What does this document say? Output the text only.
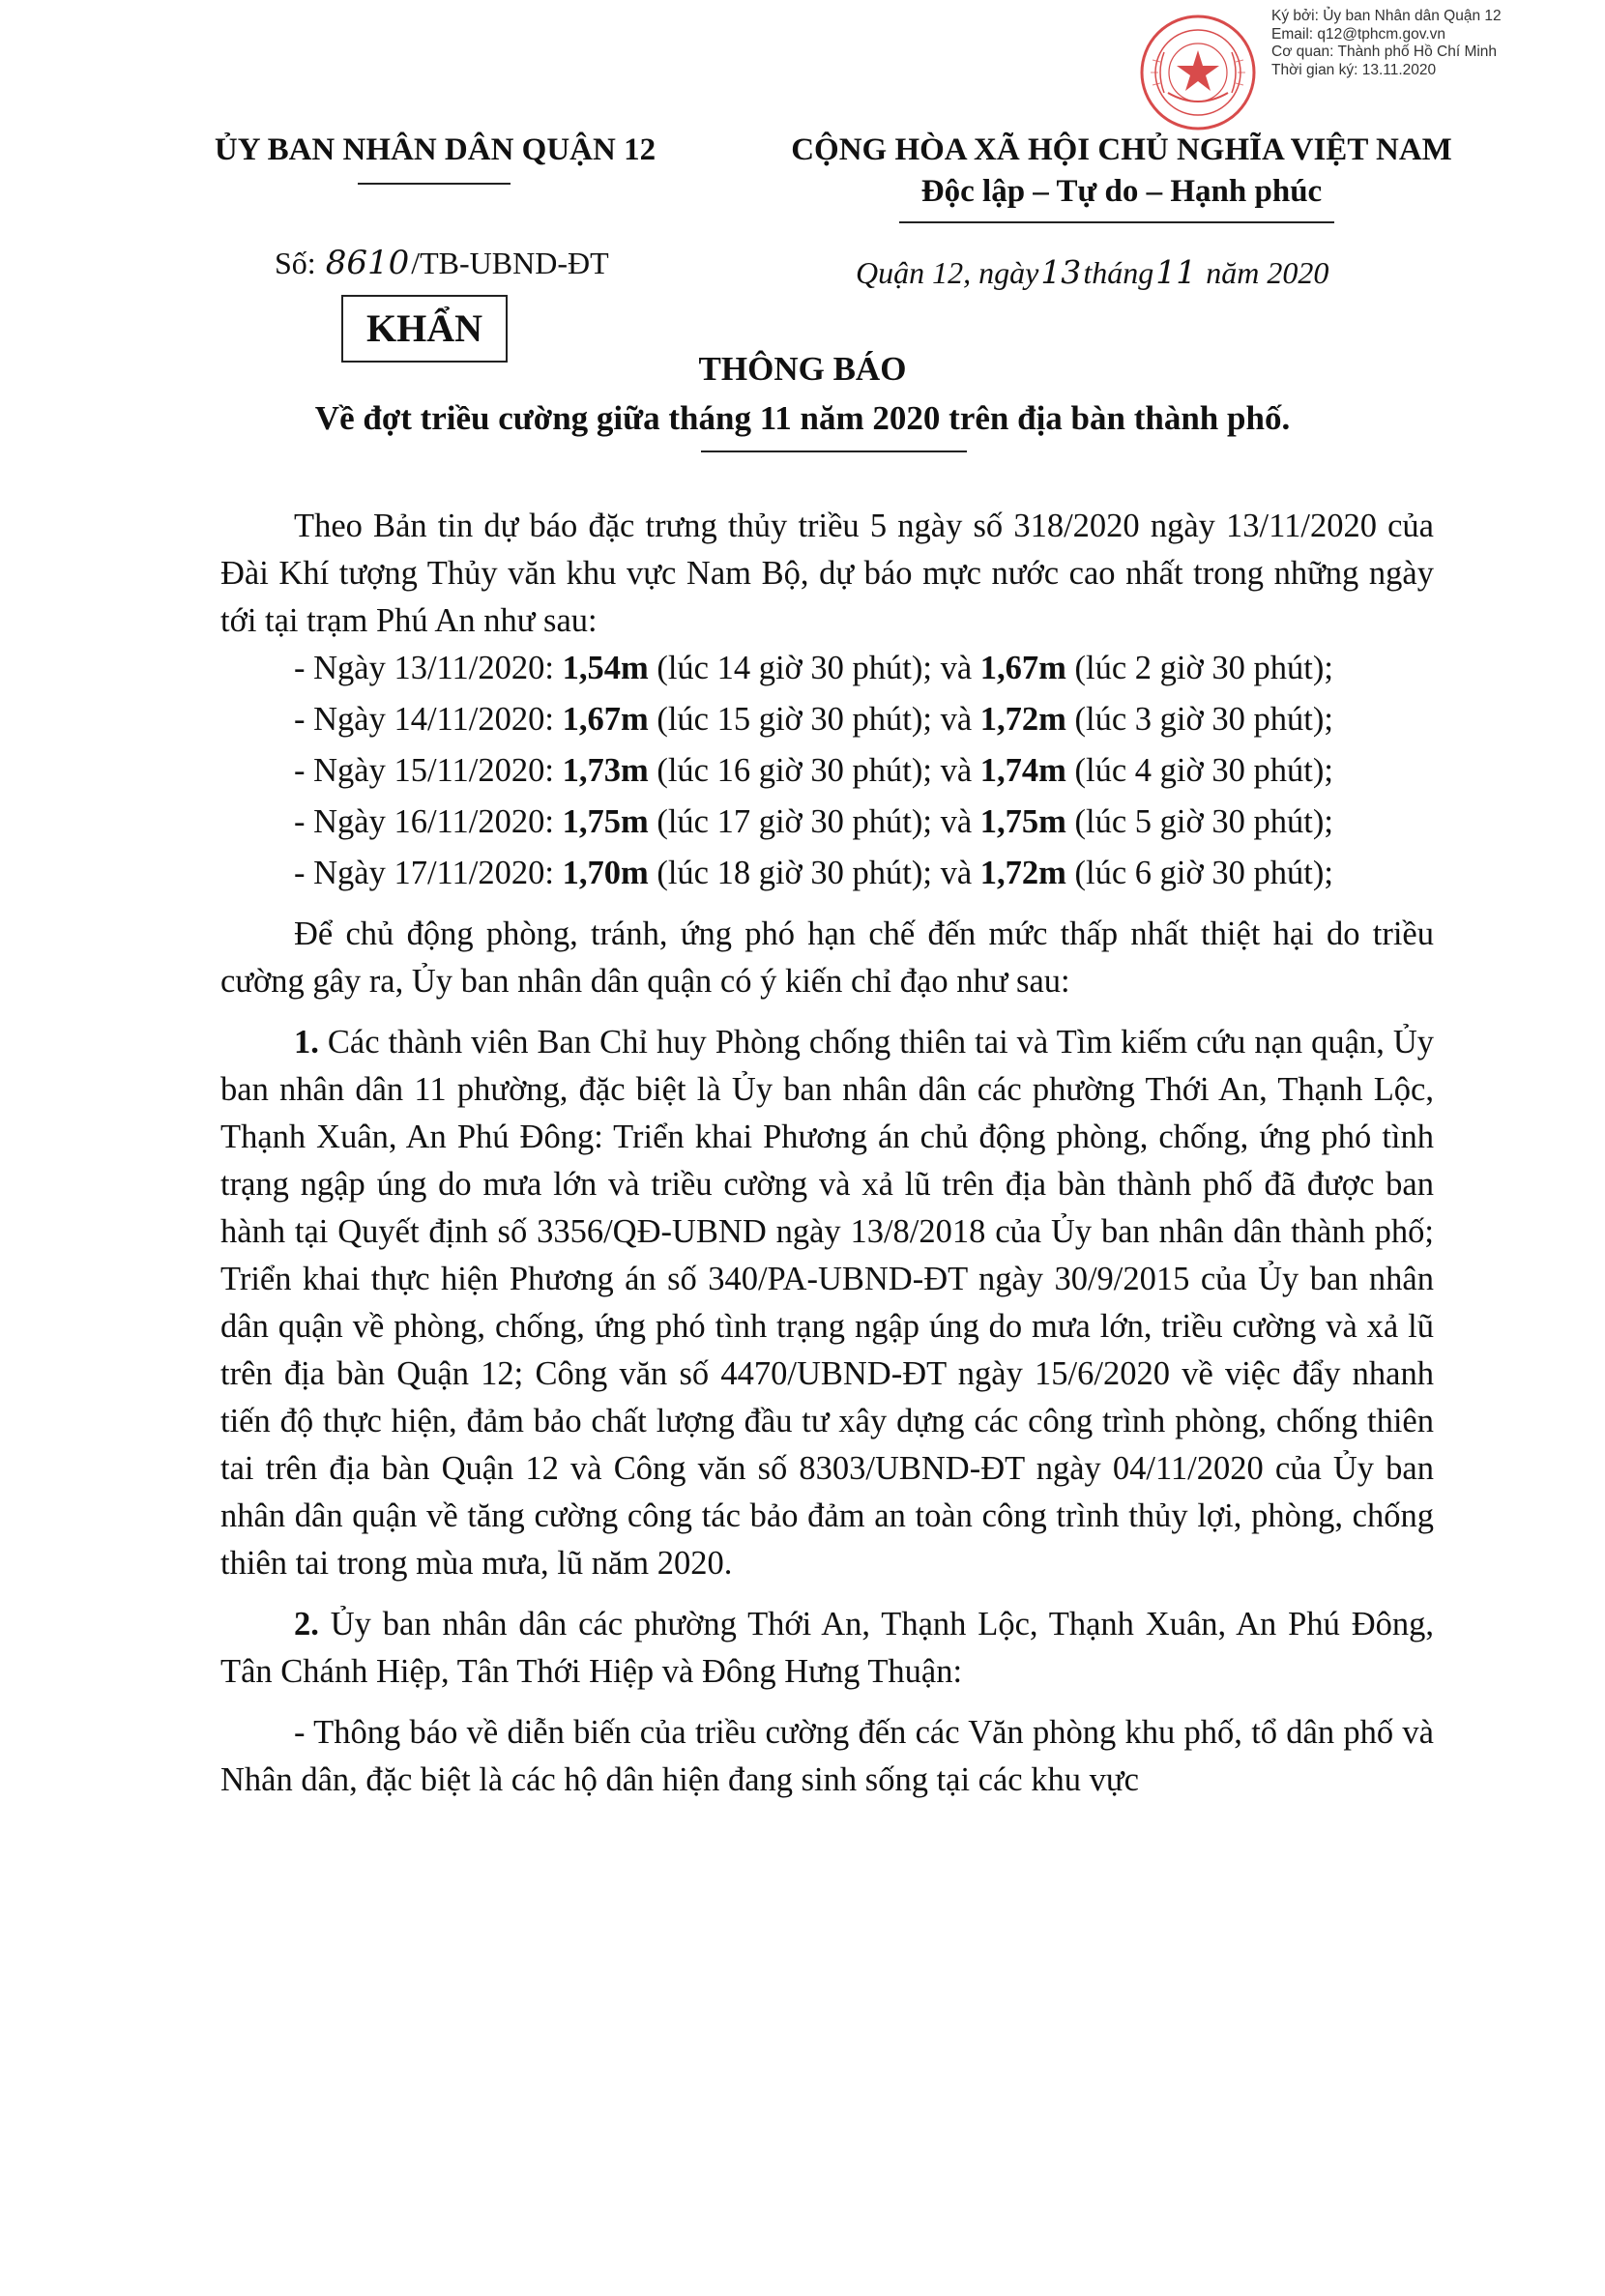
Ký bởi: Ủy ban Nhân dân Quận 12
Email: q12@tphcm.gov.vn
Cơ quan: Thành phố Hồ Chí Minh
Thời gian ký: 13.11.2020
ỦY BAN NHÂN DÂN QUẬN 12	CỘNG HÒA XÃ HỘI CHỦ NGHĨA VIỆT NAM
Độc lập – Tự do – Hạnh phúc
Số: 8610/TB-UBND-ĐT	Quận 12, ngày13tháng11 năm 2020
KHẨN
THÔNG BÁO
Về đợt triều cường giữa tháng 11 năm 2020 trên địa bàn thành phố.

Theo Bản tin dự báo đặc trưng thủy triều 5 ngày số 318/2020 ngày 13/11/2020 của Đài Khí tượng Thủy văn khu vực Nam Bộ, dự báo mực nước cao nhất trong những ngày tới tại trạm Phú An như sau:

- Ngày 13/11/2020: 1,54m (lúc 14 giờ 30 phút); và 1,67m (lúc 2 giờ 30 phút);

- Ngày 14/11/2020: 1,67m (lúc 15 giờ 30 phút); và 1,72m (lúc 3 giờ 30 phút);

- Ngày 15/11/2020: 1,73m (lúc 16 giờ 30 phút); và 1,74m (lúc 4 giờ 30 phút);

- Ngày 16/11/2020: 1,75m (lúc 17 giờ 30 phút); và 1,75m (lúc 5 giờ 30 phút);

- Ngày 17/11/2020: 1,70m (lúc 18 giờ 30 phút); và 1,72m (lúc 6 giờ 30 phút);

Để chủ động phòng, tránh, ứng phó hạn chế đến mức thấp nhất thiệt hại do triều cường gây ra, Ủy ban nhân dân quận có ý kiến chỉ đạo như sau:

1. Các thành viên Ban Chỉ huy Phòng chống thiên tai và Tìm kiếm cứu nạn quận, Ủy ban nhân dân 11 phường, đặc biệt là Ủy ban nhân dân các phường Thới An, Thạnh Lộc, Thạnh Xuân, An Phú Đông: Triển khai Phương án chủ động phòng, chống, ứng phó tình trạng ngập úng do mưa lớn và triều cường và xả lũ trên địa bàn thành phố đã được ban hành tại Quyết định số 3356/QĐ-UBND ngày 13/8/2018 của Ủy ban nhân dân thành phố; Triển khai thực hiện Phương án số 340/PA-UBND-ĐT ngày 30/9/2015 của Ủy ban nhân dân quận về phòng, chống, ứng phó tình trạng ngập úng do mưa lớn, triều cường và xả lũ trên địa bàn Quận 12; Công văn số 4470/UBND-ĐT ngày 15/6/2020 về việc đẩy nhanh tiến độ thực hiện, đảm bảo chất lượng đầu tư xây dựng các công trình phòng, chống thiên tai trên địa bàn Quận 12 và Công văn số 8303/UBND-ĐT ngày 04/11/2020 của Ủy ban nhân dân quận về tăng cường công tác bảo đảm an toàn công trình thủy lợi, phòng, chống thiên tai trong mùa mưa, lũ năm 2020.

2. Ủy ban nhân dân các phường Thới An, Thạnh Lộc, Thạnh Xuân, An Phú Đông, Tân Chánh Hiệp, Tân Thới Hiệp và Đông Hưng Thuận:

- Thông báo về diễn biến của triều cường đến các Văn phòng khu phố, tổ dân phố và Nhân dân, đặc biệt là các hộ dân hiện đang sinh sống tại các khu vực
